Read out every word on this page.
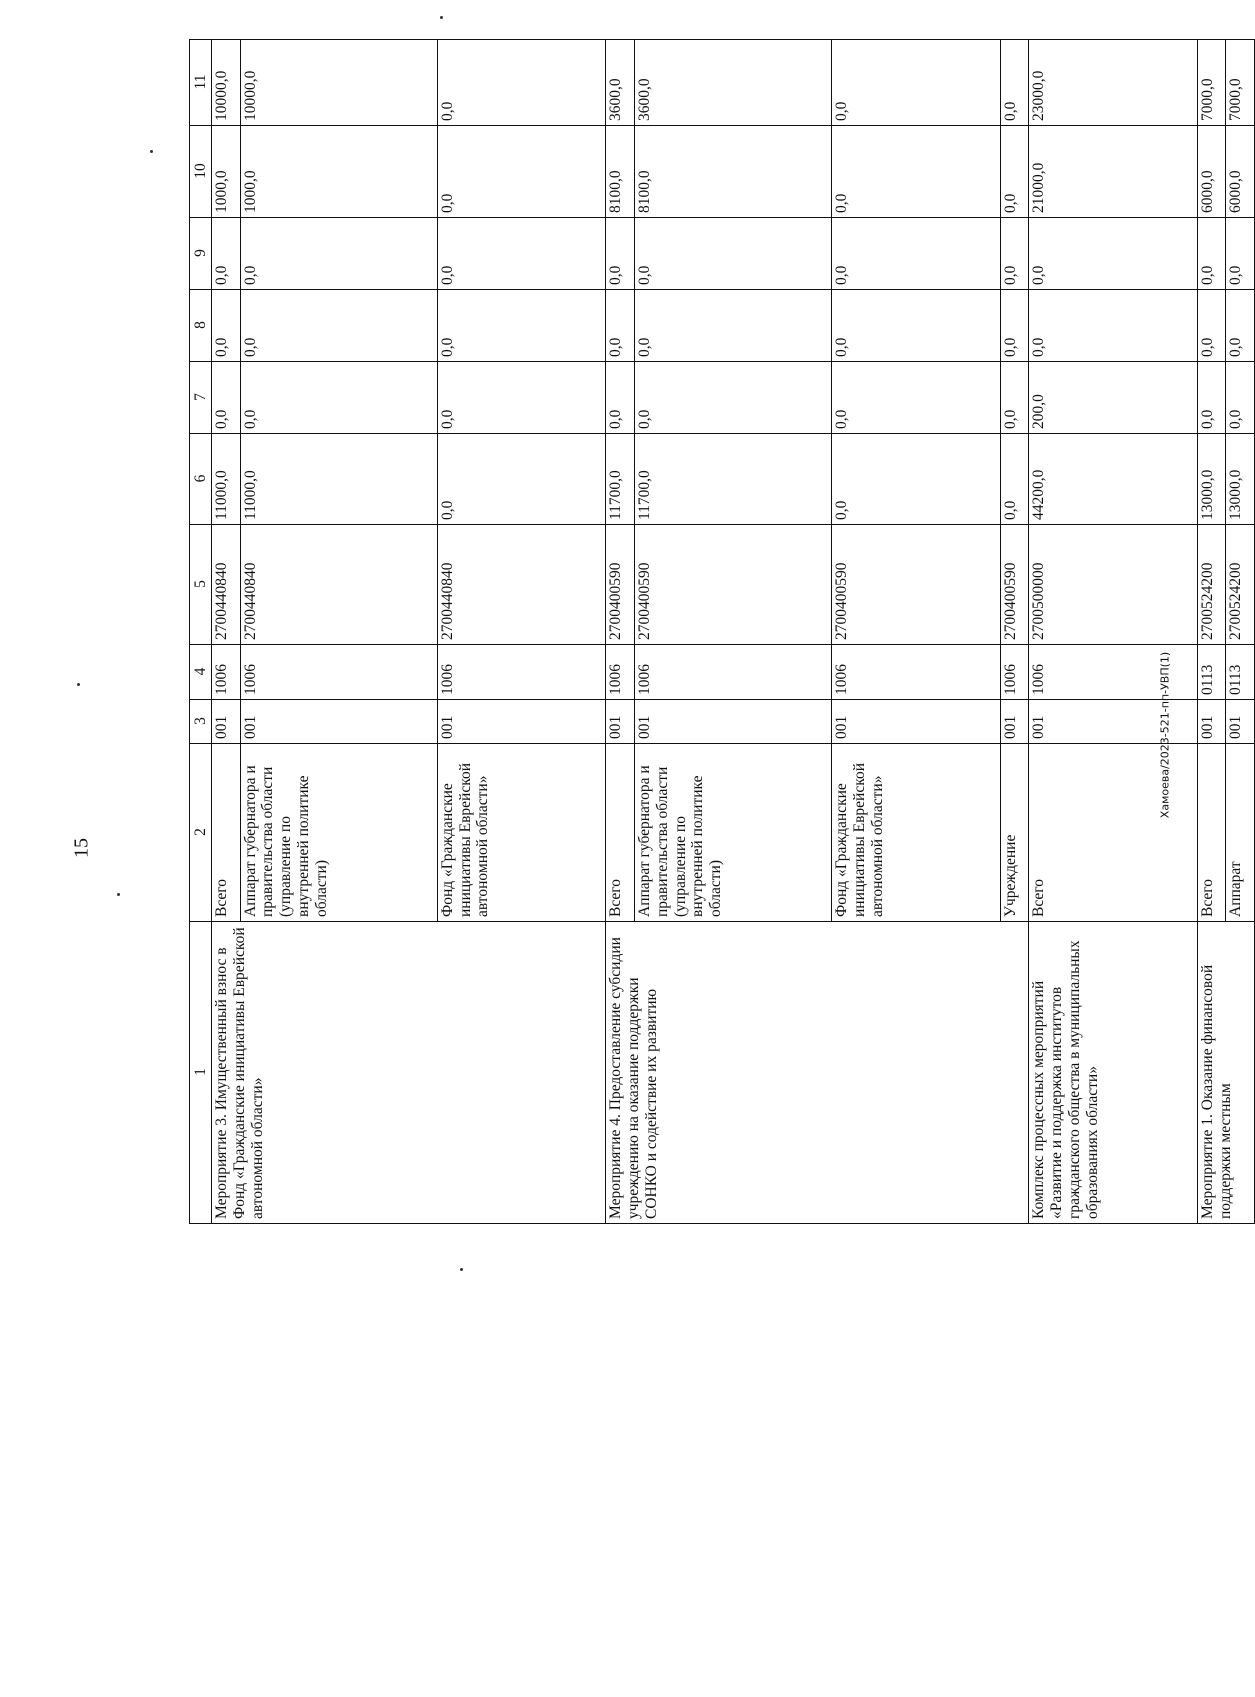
15
Хамоева/2023-521-пп-УВП(1)
1	2	3	4	5	6	7	8	9	10	11
Мероприятие 3. Имущественный взнос в Фонд «Гражданские инициативы Еврейской автономной области»	Всего	001	1006	2700440840	11000,0	0,0	0,0	0,0	1000,0	10000,0
	Аппарат губернатора и правительства области (управление по внутренней политике области)	001	1006	2700440840	11000,0	0,0	0,0	0,0	1000,0	10000,0
	Фонд «Гражданские инициативы Еврейской автономной области»	001	1006	2700440840	0,0	0,0	0,0	0,0	0,0	0,0
Мероприятие 4. Предоставление субсидии учреждению на оказание поддержки СОНКО и содействие их развитию	Всего	001	1006	2700400590	11700,0	0,0	0,0	0,0	8100,0	3600,0
	Аппарат губернатора и правительства области (управление по внутренней политике области)	001	1006	2700400590	11700,0	0,0	0,0	0,0	8100,0	3600,0
	Фонд «Гражданские инициативы Еврейской автономной области»	001	1006	2700400590	0,0	0,0	0,0	0,0	0,0	0,0
	Учреждение	001	1006	2700400590	0,0	0,0	0,0	0,0	0,0	0,0
Комплекс процессных мероприятий «Развитие и поддержка институтов гражданского общества в муниципальных образованиях области»	Всего	001	1006	2700500000	44200,0	200,0	0,0	0,0	21000,0	23000,0
Мероприятие 1. Оказание финансовой поддержки местным	Всего	001	0113	2700524200	13000,0	0,0	0,0	0,0	6000,0	7000,0
	Аппарат	001	0113	2700524200	13000,0	0,0	0,0	0,0	6000,0	7000,0
